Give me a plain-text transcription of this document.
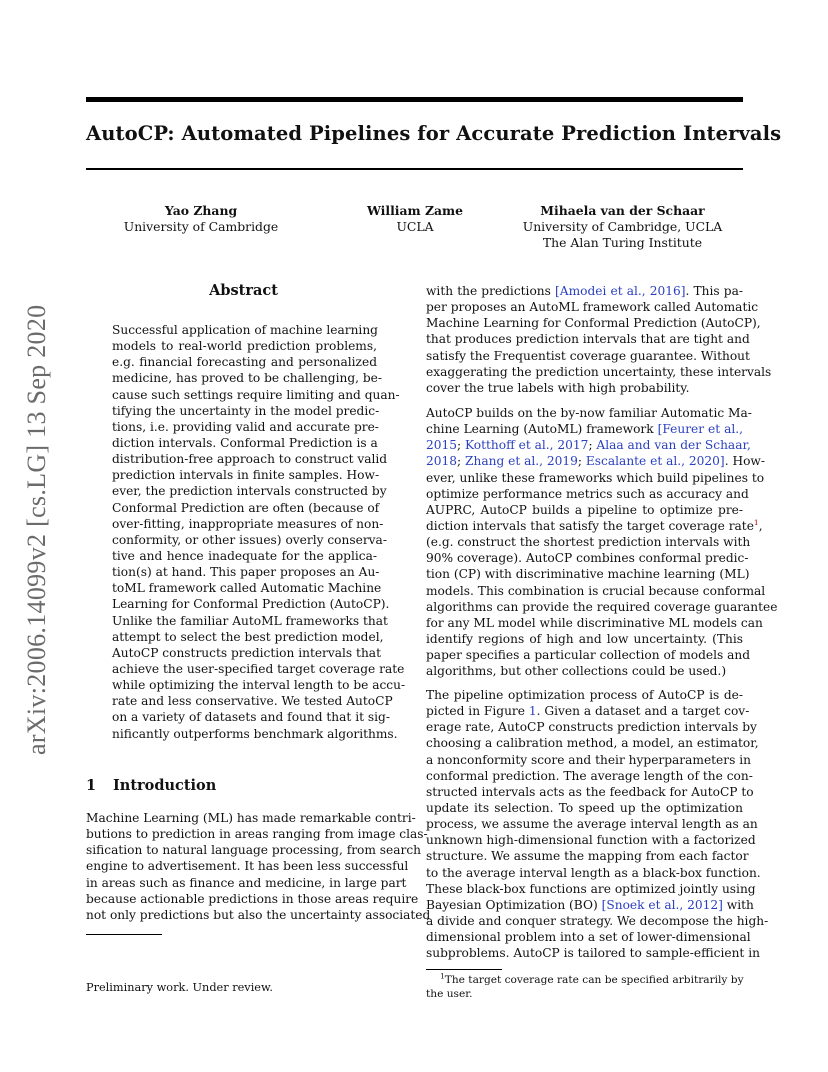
AutoCP: Automated Pipelines for Accurate Prediction Intervals
Yao Zhang
University of Cambridge
William Zame
UCLA
Mihaela van der Schaar
University of Cambridge, UCLA
The Alan Turing Institute
arXiv:2006.14099v2 [cs.LG] 13 Sep 2020
Abstract
Successful application of machine learning
models to real-world prediction problems,
e.g. financial forecasting and personalized
medicine, has proved to be challenging, be-
cause such settings require limiting and quan-
tifying the uncertainty in the model predic-
tions, i.e. providing valid and accurate pre-
diction intervals. Conformal Prediction is a
distribution-free approach to construct valid
prediction intervals in finite samples. How-
ever, the prediction intervals constructed by
Conformal Prediction are often (because of
over-fitting, inappropriate measures of non-
conformity, or other issues) overly conserva-
tive and hence inadequate for the applica-
tion(s) at hand. This paper proposes an Au-
toML framework called Automatic Machine
Learning for Conformal Prediction (AutoCP).
Unlike the familiar AutoML frameworks that
attempt to select the best prediction model,
AutoCP constructs prediction intervals that
achieve the user-specified target coverage rate
while optimizing the interval length to be accu-
rate and less conservative. We tested AutoCP
on a variety of datasets and found that it sig-
nificantly outperforms benchmark algorithms.
1 Introduction
Machine Learning (ML) has made remarkable contri-
butions to prediction in areas ranging from image clas-
sification to natural language processing, from search
engine to advertisement. It has been less successful
in areas such as finance and medicine, in large part
because actionable predictions in those areas require
not only predictions but also the uncertainty associated
Preliminary work. Under review.
with the predictions [Amodei et al., 2016]. This pa-
per proposes an AutoML framework called Automatic
Machine Learning for Conformal Prediction (AutoCP),
that produces prediction intervals that are tight and
satisfy the Frequentist coverage guarantee. Without
exaggerating the prediction uncertainty, these intervals
cover the true labels with high probability.
AutoCP builds on the by-now familiar Automatic Ma-
chine Learning (AutoML) framework [Feurer et al.,
2015; Kotthoff et al., 2017; Alaa and van der Schaar,
2018; Zhang et al., 2019; Escalante et al., 2020]. How-
ever, unlike these frameworks which build pipelines to
optimize performance metrics such as accuracy and
AUPRC, AutoCP builds a pipeline to optimize pre-
diction intervals that satisfy the target coverage rate$^1$,
(e.g. construct the shortest prediction intervals with
90% coverage). AutoCP combines conformal predic-
tion (CP) with discriminative machine learning (ML)
models. This combination is crucial because conformal
algorithms can provide the required coverage guarantee
for any ML model while discriminative ML models can
identify regions of high and low uncertainty. (This
paper specifies a particular collection of models and
algorithms, but other collections could be used.)
The pipeline optimization process of AutoCP is de-
picted in Figure 1. Given a dataset and a target cov-
erage rate, AutoCP constructs prediction intervals by
choosing a calibration method, a model, an estimator,
a nonconformity score and their hyperparameters in
conformal prediction. The average length of the con-
structed intervals acts as the feedback for AutoCP to
update its selection. To speed up the optimization
process, we assume the average interval length as an
unknown high-dimensional function with a factorized
structure. We assume the mapping from each factor
to the average interval length as a black-box function.
These black-box functions are optimized jointly using
Bayesian Optimization (BO) [Snoek et al., 2012] with
a divide and conquer strategy. We decompose the high-
dimensional problem into a set of lower-dimensional
subproblems. AutoCP is tailored to sample-efficient in
$^1$The target coverage rate can be specified arbitrarily by
the user.
